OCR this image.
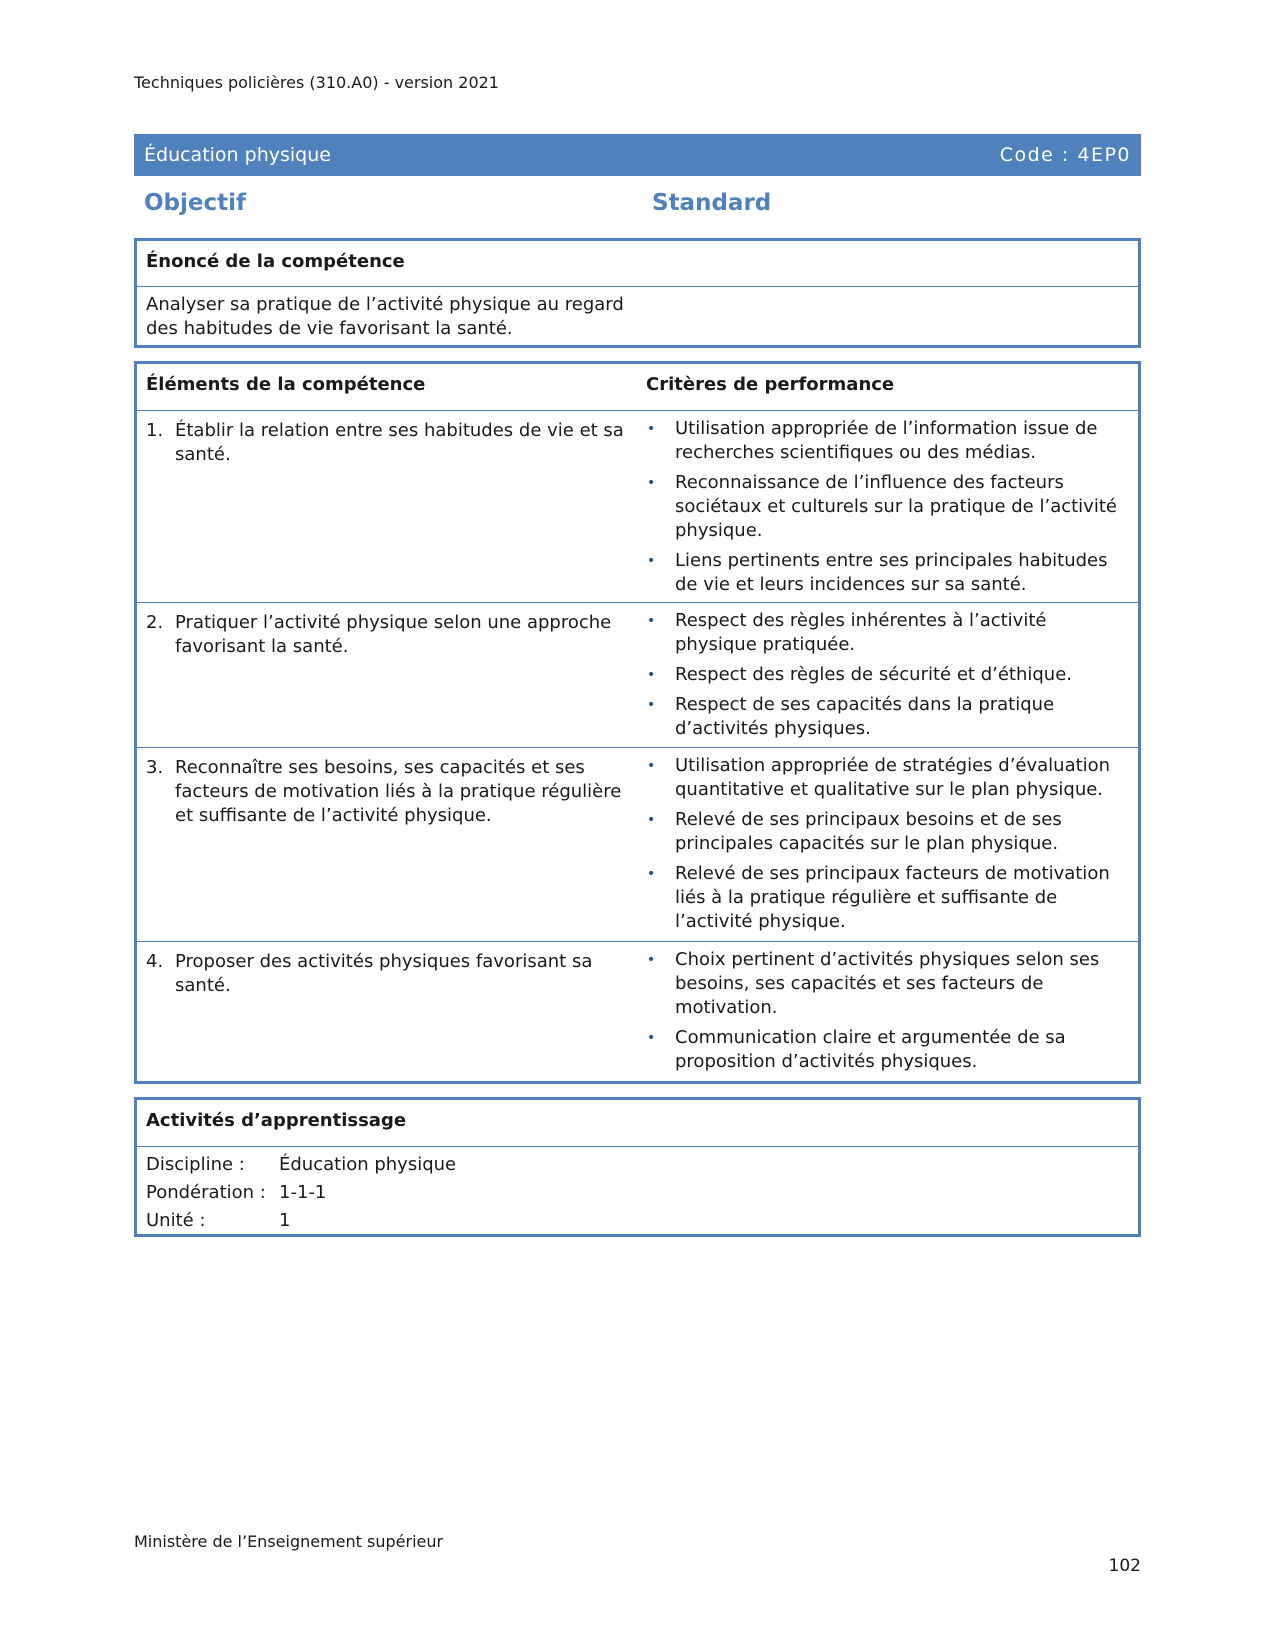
Techniques policières (310.A0) - version 2021
Éducation physique	Code : 4EP0
Objectif	Standard
Énoncé de la compétence
Analyser sa pratique de l’activité physique au regard des habitudes de vie favorisant la santé.
Éléments de la compétence	Critères de performance
1. Établir la relation entre ses habitudes de vie et sa santé.
•	Utilisation appropriée de l’information issue de recherches scientifiques ou des médias.
•	Reconnaissance de l’influence des facteurs sociétaux et culturels sur la pratique de l’activité physique.
•	Liens pertinents entre ses principales habitudes de vie et leurs incidences sur sa santé.
2. Pratiquer l’activité physique selon une approche favorisant la santé.
•	Respect des règles inhérentes à l’activité physique pratiquée.
•	Respect des règles de sécurité et d’éthique.
•	Respect de ses capacités dans la pratique d’activités physiques.
3. Reconnaître ses besoins, ses capacités et ses facteurs de motivation liés à la pratique régulière et suffisante de l’activité physique.
•	Utilisation appropriée de stratégies d’évaluation quantitative et qualitative sur le plan physique.
•	Relevé de ses principaux besoins et de ses principales capacités sur le plan physique.
•	Relevé de ses principaux facteurs de motivation liés à la pratique régulière et suffisante de l’activité physique.
4. Proposer des activités physiques favorisant sa santé.
•	Choix pertinent d’activités physiques selon ses besoins, ses capacités et ses facteurs de motivation.
•	Communication claire et argumentée de sa proposition d’activités physiques.
Activités d’apprentissage
Discipline :	Éducation physique
Pondération : 1-1-1
Unité :	1
Ministère de l’Enseignement supérieur
102
